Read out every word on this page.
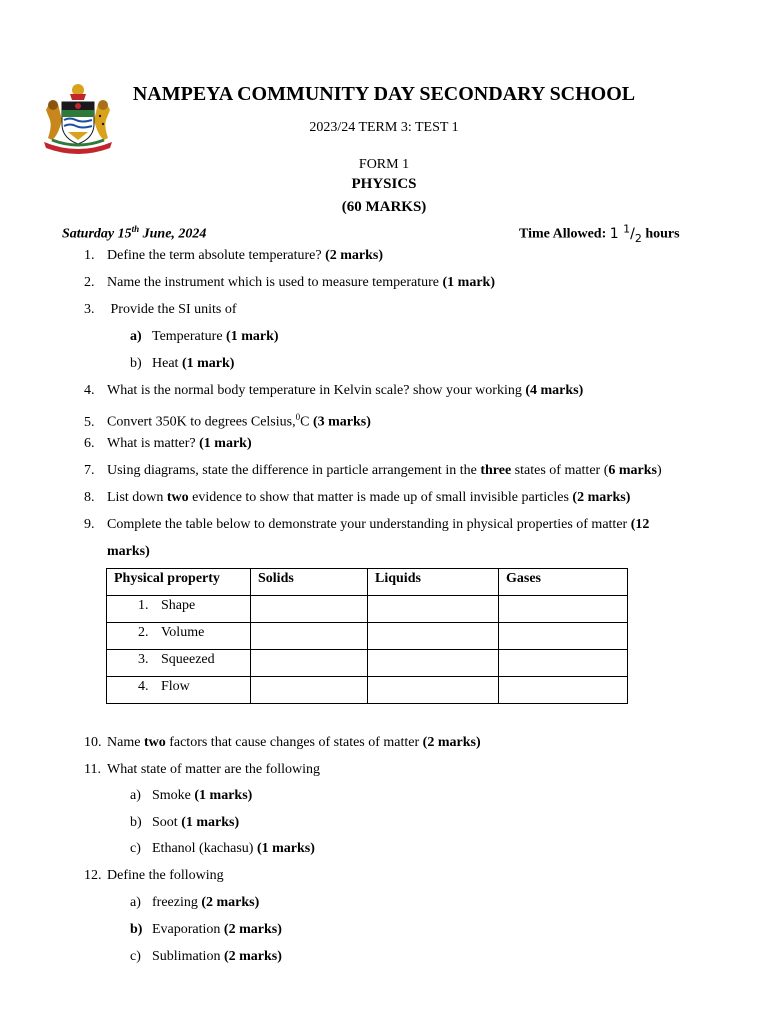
NAMPEYA COMMUNITY DAY SECONDARY SCHOOL
2023/24 TERM 3: TEST 1
FORM 1
PHYSICS
(60 MARKS)
Saturday 15th June, 2024	Time Allowed: 1 $^1/_2$ hours
1. Define the term absolute temperature? (2 marks)
2. Name the instrument which is used to measure temperature (1 mark)
3. Provide the SI units of
a) Temperature (1 mark)
b) Heat (1 mark)
4. What is the normal body temperature in Kelvin scale? show your working (4 marks)
5. Convert 350K to degrees Celsius,$^0$C (3 marks)
6. What is matter? (1 mark)
7. Using diagrams, state the difference in particle arrangement in the three states of matter (6 marks)
8. List down two evidence to show that matter is made up of small invisible particles (2 marks)
9. Complete the table below to demonstrate your understanding in physical properties of matter (12
marks)
Physical property	Solids	Liquids	Gases
1. Shape			
2. Volume			
3. Squeezed			
4. Flow			
10. Name two factors that cause changes of states of matter (2 marks)
11. What state of matter are the following
a) Smoke (1 marks)
b) Soot (1 marks)
c) Ethanol (kachasu) (1 marks)
12. Define the following
a) freezing (2 marks)
b) Evaporation (2 marks)
c) Sublimation (2 marks)
